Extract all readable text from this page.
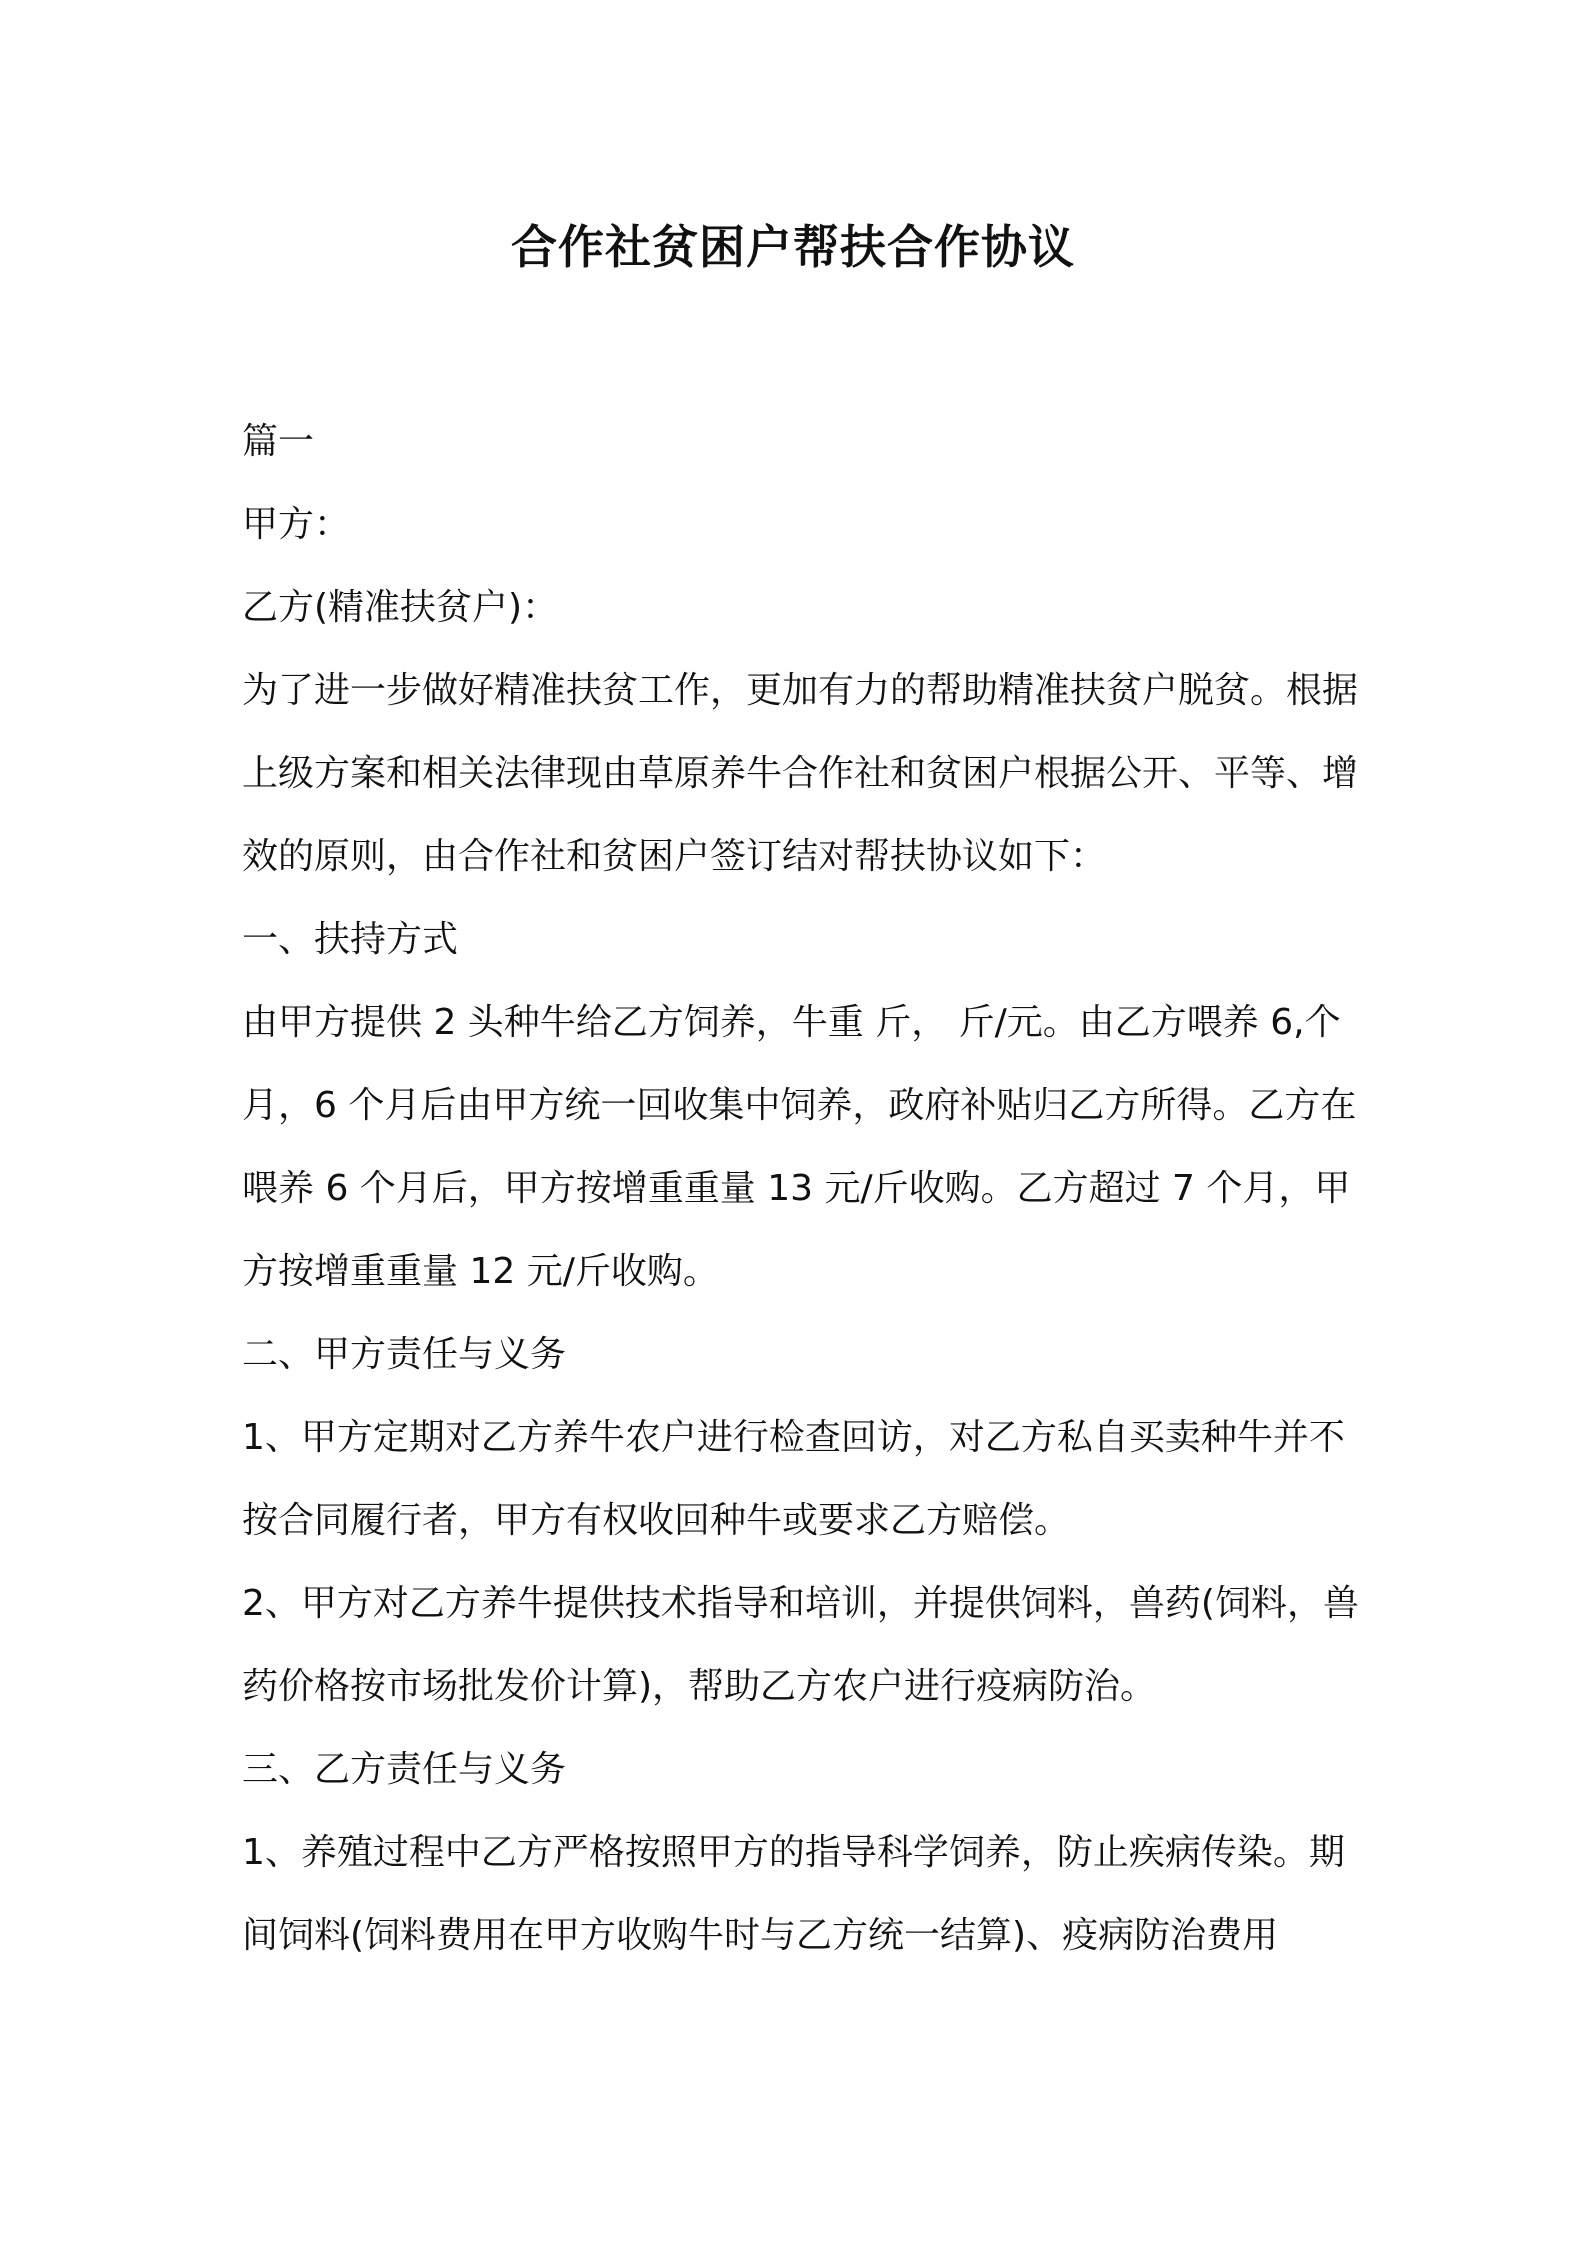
合作社贫困户帮扶合作协议

篇一

甲方：

乙方(精准扶贫户)：

为了进一步做好精准扶贫工作，更加有力的帮助精准扶贫户脱贫。根据上级方案和相关法律现由草原养牛合作社和贫困户根据公开、平等、增效的原则，由合作社和贫困户签订结对帮扶协议如下：

一、扶持方式

由甲方提供 2 头种牛给乙方饲养，牛重 斤， 斤/元。由乙方喂养 6,个月，6 个月后由甲方统一回收集中饲养，政府补贴归乙方所得。乙方在喂养 6 个月后，甲方按增重重量 13 元/斤收购。乙方超过 7 个月，甲方按增重重量 12 元/斤收购。

二、甲方责任与义务

1、甲方定期对乙方养牛农户进行检查回访，对乙方私自买卖种牛并不按合同履行者，甲方有权收回种牛或要求乙方赔偿。

2、甲方对乙方养牛提供技术指导和培训，并提供饲料，兽药(饲料，兽药价格按市场批发价计算)，帮助乙方农户进行疫病防治。

三、乙方责任与义务

1、养殖过程中乙方严格按照甲方的指导科学饲养，防止疾病传染。期间饲料(饲料费用在甲方收购牛时与乙方统一结算)、疫病防治费用
